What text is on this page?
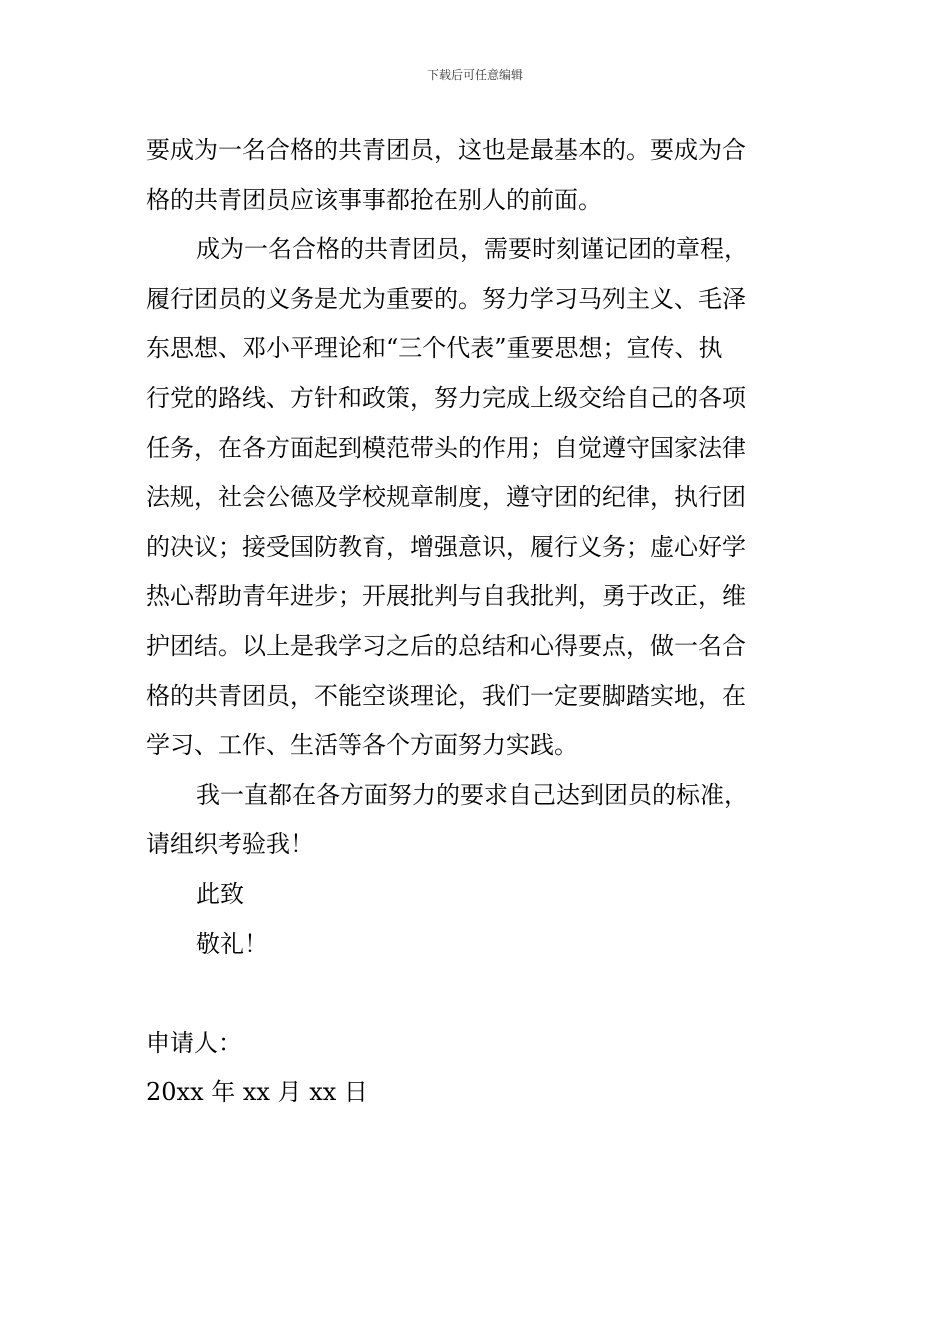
下载后可任意编辑
要成为一名合格的共青团员，这也是最基本的。要成为合
格的共青团员应该事事都抢在别人的前面。
成为一名合格的共青团员，需要时刻谨记团的章程，
履行团员的义务是尤为重要的。努力学习马列主义、毛泽
东思想、邓小平理论和“三个代表”重要思想；宣传、执
行党的路线、方针和政策，努力完成上级交给自己的各项
任务，在各方面起到模范带头的作用；自觉遵守国家法律
法规，社会公德及学校规章制度，遵守团的纪律，执行团
的决议；接受国防教育，增强意识，履行义务；虚心好学
热心帮助青年进步；开展批判与自我批判，勇于改正，维
护团结。以上是我学习之后的总结和心得要点，做一名合
格的共青团员，不能空谈理论，我们一定要脚踏实地，在
学习、工作、生活等各个方面努力实践。
我一直都在各方面努力的要求自己达到团员的标准，
请组织考验我！
此致
敬礼！
申请人：
20xx 年 xx 月 xx 日
